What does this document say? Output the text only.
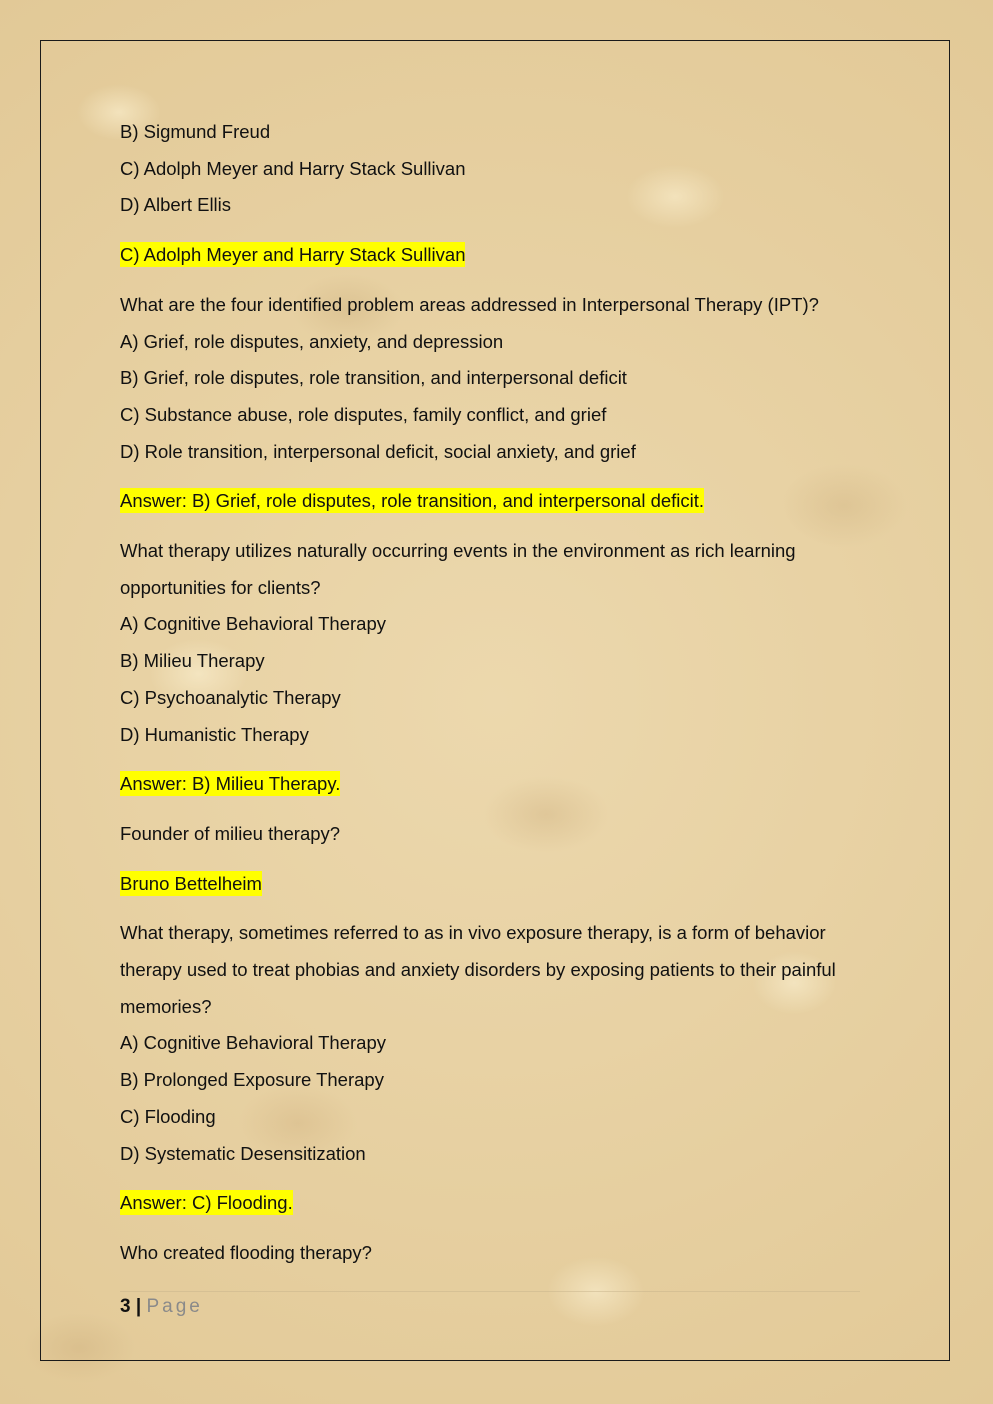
B) Sigmund Freud

C) Adolph Meyer and Harry Stack Sullivan

D) Albert Ellis

C) Adolph Meyer and Harry Stack Sullivan

What are the four identified problem areas addressed in Interpersonal Therapy (IPT)?

A) Grief, role disputes, anxiety, and depression

B) Grief, role disputes, role transition, and interpersonal deficit

C) Substance abuse, role disputes, family conflict, and grief

D) Role transition, interpersonal deficit, social anxiety, and grief

Answer: B) Grief, role disputes, role transition, and interpersonal deficit.

What therapy utilizes naturally occurring events in the environment as rich learning opportunities for clients?

A) Cognitive Behavioral Therapy

B) Milieu Therapy

C) Psychoanalytic Therapy

D) Humanistic Therapy

Answer: B) Milieu Therapy.

Founder of milieu therapy?

Bruno Bettelheim

What therapy, sometimes referred to as in vivo exposure therapy, is a form of behavior therapy used to treat phobias and anxiety disorders by exposing patients to their painful memories?

A) Cognitive Behavioral Therapy

B) Prolonged Exposure Therapy

C) Flooding

D) Systematic Desensitization

Answer: C) Flooding.

Who created flooding therapy?

3 | Page
